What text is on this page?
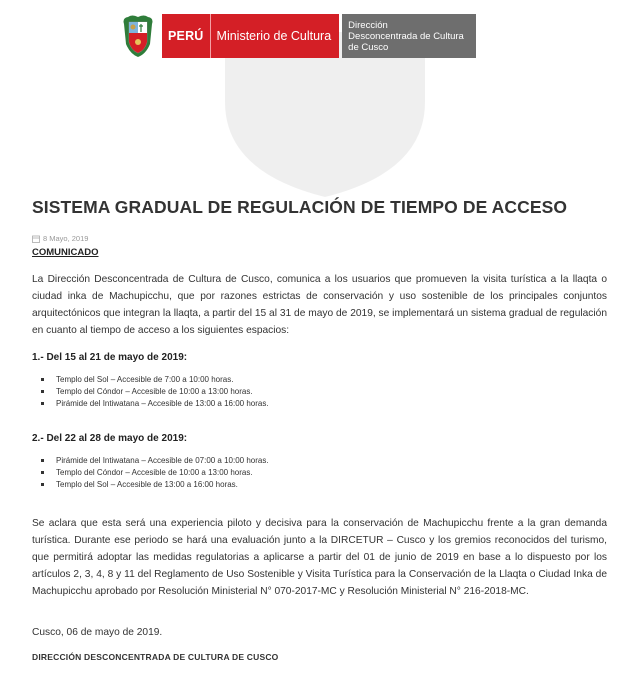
PERÚ	Ministerio de Cultura
Dirección
Desconcentrada de Cultura
de Cusco
SISTEMA GRADUAL DE REGULACIÓN DE TIEMPO DE ACCESO
8 Mayo, 2019
COMUNICADO

La Dirección Desconcentrada de Cultura de Cusco, comunica a los usuarios que promueven la visita turística a la llaqta o ciudad inka de Machupicchu, que por razones estrictas de conservación y uso sostenible de los principales conjuntos arquitectónicos que integran la llaqta, a partir del 15 al 31 de mayo de 2019, se implementará un sistema gradual de regulación en cuanto al tiempo de acceso a los siguientes espacios:

1.- Del 15 al 21 de mayo de 2019:
Templo del Sol – Accesible de 7:00 a 10:00 horas.
Templo del Cóndor – Accesible de 10:00 a 13:00 horas.
Pirámide del Intiwatana – Accesible de 13:00 a 16:00 horas.
2.- Del 22 al 28 de mayo de 2019:
Pirámide del Intiwatana – Accesible de 07:00 a 10:00 horas.
Templo del Cóndor – Accesible de 10:00 a 13:00 horas.
Templo del Sol – Accesible de 13:00 a 16:00 horas.

Se aclara que esta será una experiencia piloto y decisiva para la conservación de Machupicchu frente a la gran demanda turística. Durante ese periodo se hará una evaluación junto a la DIRCETUR – Cusco y los gremios reconocidos del turismo, que permitirá adoptar las medidas regulatorias a aplicarse a partir del 01 de junio de 2019 en base a lo dispuesto por los artículos 2, 3, 4, 8 y 11 del Reglamento de Uso Sostenible y Visita Turística para la Conservación de la Llaqta o Ciudad Inka de Machupicchu aprobado por Resolución Ministerial N° 070-2017-MC y Resolución Ministerial N° 216-2018-MC.

Cusco, 06 de mayo de 2019.

DIRECCIÓN DESCONCENTRADA DE CULTURA DE CUSCO
